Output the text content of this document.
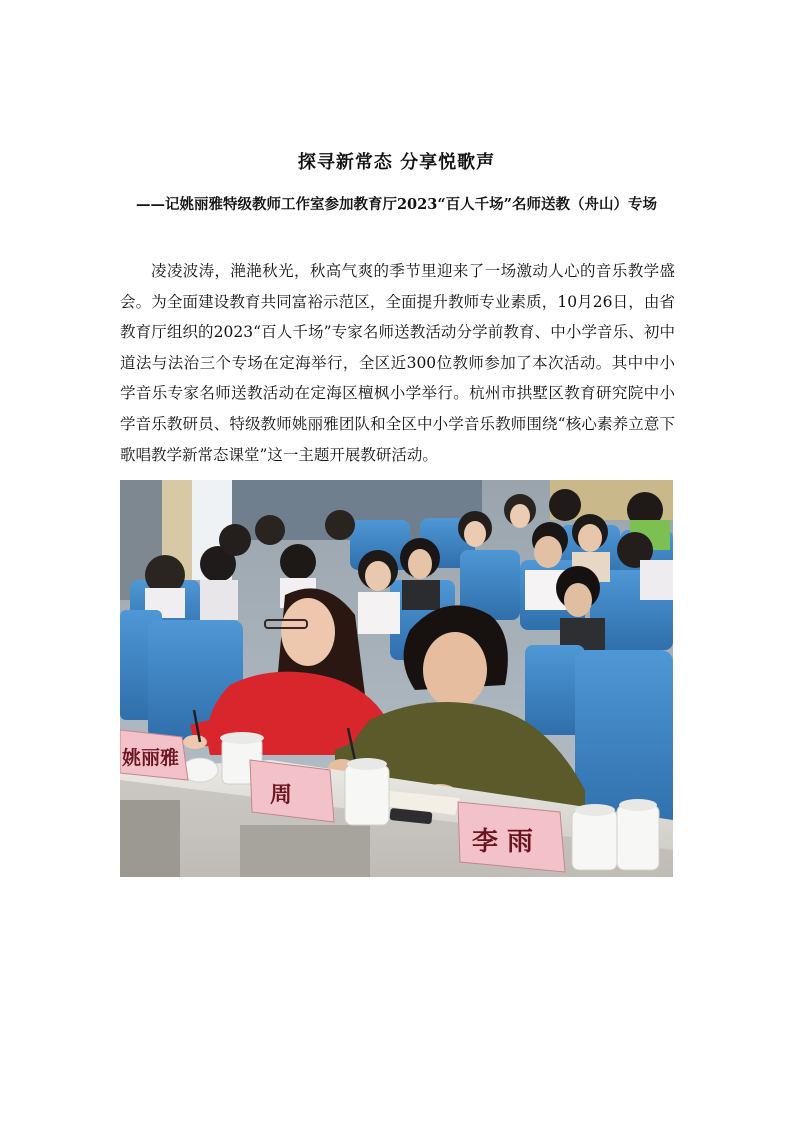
探寻新常态 分享悦歌声
——记姚丽雅特级教师工作室参加教育厅2023“百人千场”名师送教（舟山）专场

凌凌波涛，滟滟秋光，秋高气爽的季节里迎来了一场激动人心的音乐教学盛会。为全面建设教育共同富裕示范区，全面提升教师专业素质，10月26日，由省教育厅组织的2023“百人千场”专家名师送教活动分学前教育、中小学音乐、初中道法与法治三个专场在定海举行，全区近300位教师参加了本次活动。其中中小学音乐专家名师送教活动在定海区檀枫小学举行。杭州市拱墅区教育研究院中小学音乐教研员、特级教师姚丽雅团队和全区中小学音乐教师围绕“核心素养立意下歌唱教学新常态课堂”这一主题开展教研活动。

姚丽雅
周
李 雨
